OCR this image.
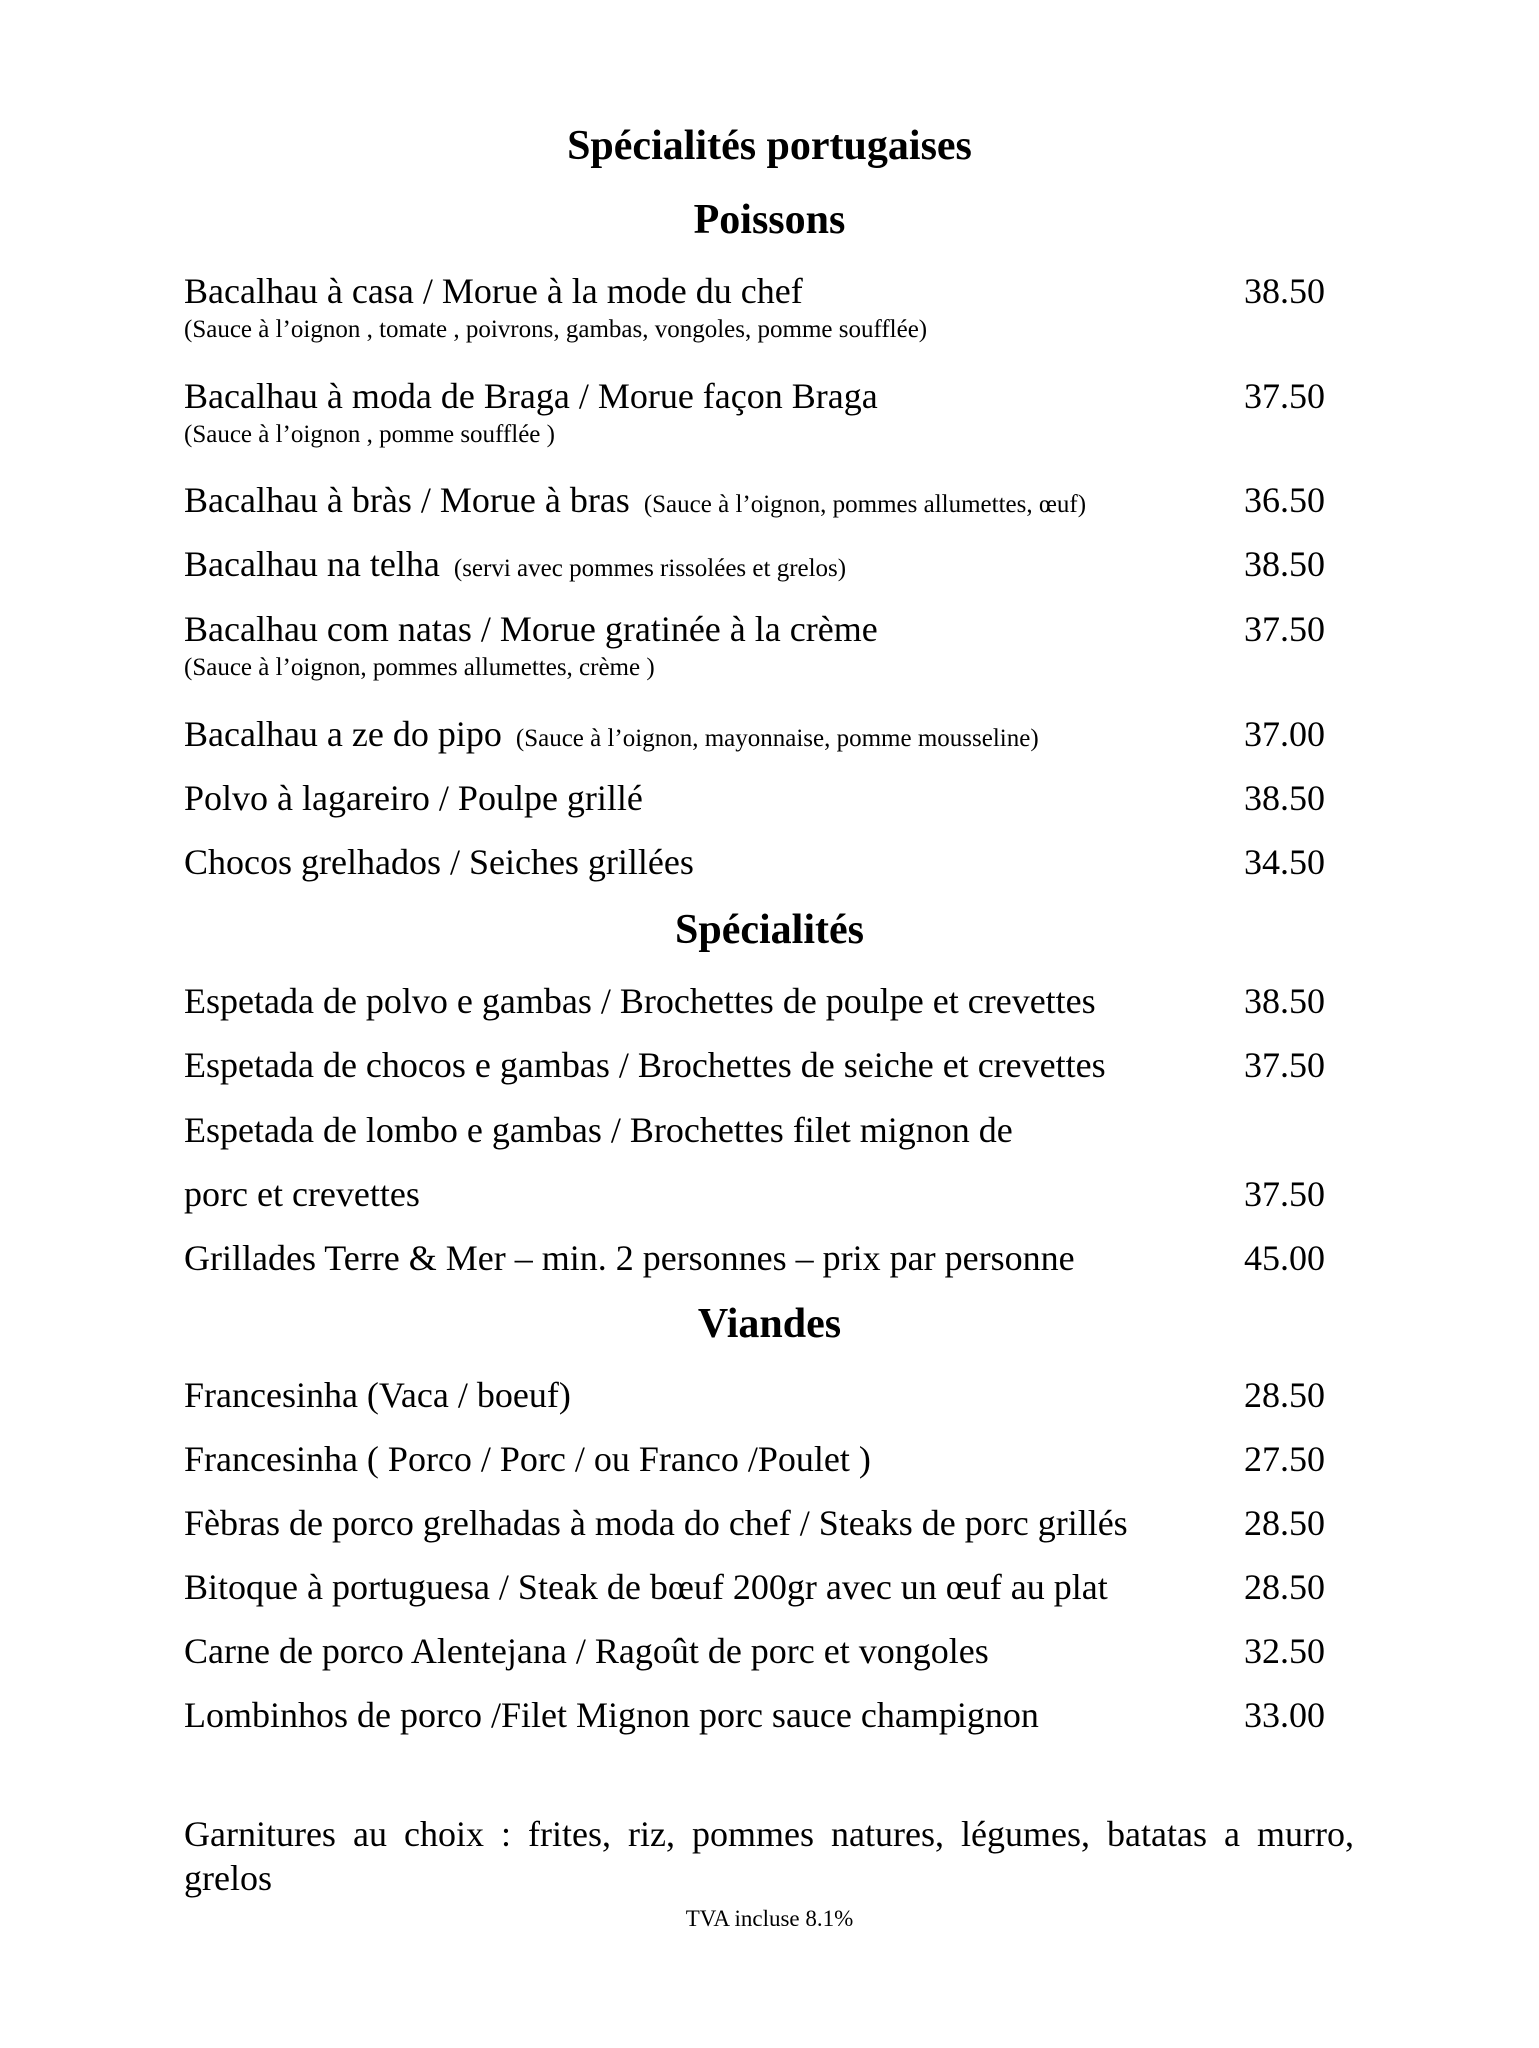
Spécialités portugaises
Poissons
Bacalhau à casa / Morue à la mode du chef
(Sauce à l’oignon , tomate , poivrons, gambas, vongoles, pomme soufflée)
38.50
Bacalhau à moda de Braga / Morue façon Braga
(Sauce à l’oignon , pomme soufflée )
37.50
Bacalhau à bràs / Morue à bras (Sauce à l’oignon, pommes allumettes, œuf)	36.50
Bacalhau na telha (servi avec pommes rissolées et grelos)	38.50
Bacalhau com natas / Morue gratinée à la crème
(Sauce à l’oignon, pommes allumettes, crème )
37.50
Bacalhau a ze do pipo (Sauce à l’oignon, mayonnaise, pomme mousseline)	37.00
Polvo à lagareiro / Poulpe grillé	38.50
Chocos grelhados / Seiches grillées	34.50
Spécialités
Espetada de polvo e gambas / Brochettes de poulpe et crevettes	38.50
Espetada de chocos e gambas / Brochettes de seiche et crevettes	37.50
Espetada de lombo e gambas / Brochettes filet mignon de
porc et crevettes	37.50
Grillades Terre & Mer – min. 2 personnes – prix par personne	45.00
Viandes
Francesinha (Vaca / boeuf)	28.50
Francesinha ( Porco / Porc / ou Franco /Poulet )	27.50
Fèbras de porco grelhadas à moda do chef / Steaks de porc grillés	28.50
Bitoque à portuguesa / Steak de bœuf 200gr avec un œuf au plat	28.50
Carne de porco Alentejana / Ragoût de porc et vongoles	32.50
Lombinhos de porco /Filet Mignon porc sauce champignon	33.00
Garnitures au choix : frites, riz, pommes natures, légumes, batatas a murro, grelos
TVA incluse 8.1%
